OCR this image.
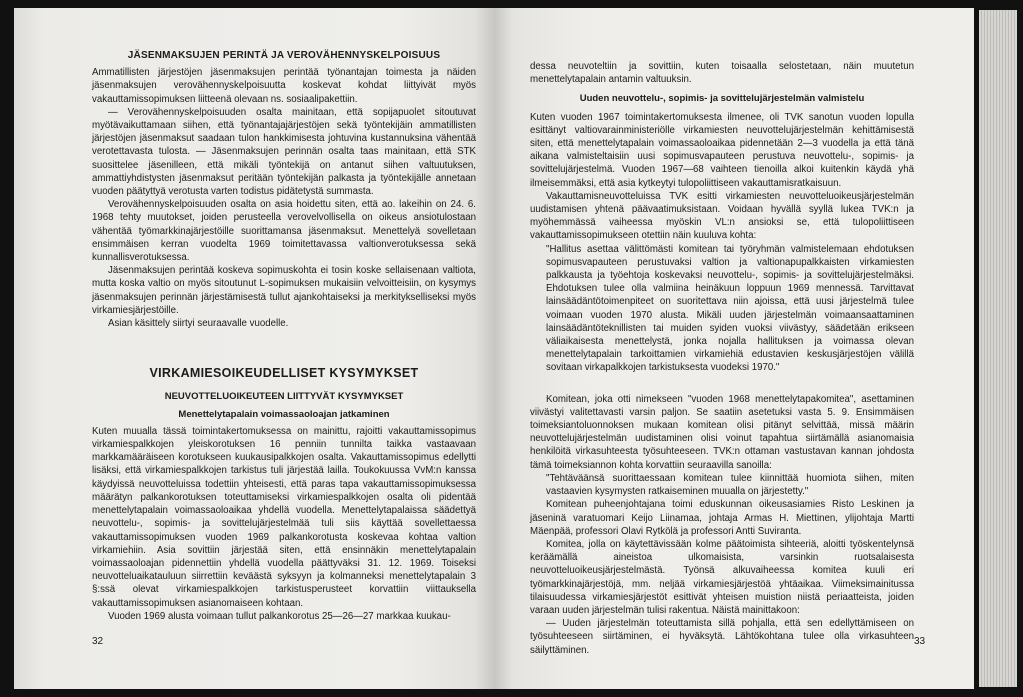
JÄSENMAKSUJEN PERINTÄ JA VEROVÄHENNYSKELPOISUUS

Ammatillisten järjestöjen jäsenmaksujen perintää työnantajan toimesta ja näiden jäsenmaksujen verovähennyskelpoisuutta koskevat kohdat liittyivät myös vakauttamissopimuksen liitteenä olevaan ns. sosiaalipakettiin.

— Verovähennyskelpoisuuden osalta mainitaan, että sopijapuolet sitoutuvat myötävaikuttamaan siihen, että työnantajajärjestöjen sekä työntekijäin ammatillisten järjestöjen jäsenmaksut saadaan tulon hankkimisesta johtuvina kustannuksina vähentää verotettavasta tulosta. — Jäsenmaksujen perinnän osalta taas mainitaan, että STK suosittelee jäsenilleen, että mikäli työntekijä on antanut siihen valtuutuksen, ammattiyhdistysten jäsenmaksut peritään työntekijän palkasta ja työntekijälle annetaan vuoden päätyttyä verotusta varten todistus pidätetystä summasta.

Verovähennyskelpoisuuden osalta on asia hoidettu siten, että ao. lakeihin on 24. 6. 1968 tehty muutokset, joiden perusteella verovelvollisella on oikeus ansiotulostaan vähentää työmarkkinajärjestöille suorittamansa jäsenmaksut. Menettelyä sovelletaan ensimmäisen kerran vuodelta 1969 toimitettavassa valtionverotuksessa sekä kunnallisverotuksessa.

Jäsenmaksujen perintää koskeva sopimuskohta ei tosin koske sellaisenaan valtiota, mutta koska valtio on myös sitoutunut L-sopimuksen mukaisiin velvoitteisiin, on kysymys jäsenmaksujen perinnän järjestämisestä tullut ajankohtaiseksi ja merkitykselliseksi myös virkamiesjärjestöille.

Asian käsittely siirtyi seuraavalle vuodelle.

VIRKAMIESOIKEUDELLISET KYSYMYKSET
NEUVOTTELUOIKEUTEEN LIITTYVÄT KYSYMYKSET
Menettelytapalain voimassaoloajan jatkaminen

Kuten muualla tässä toimintakertomuksessa on mainittu, rajoitti vakauttamissopimus virkamiespalkkojen yleiskorotuksen 16 penniin tunnilta taikka vastaavaan markkamääräiseen korotukseen kuukausipalkkojen osalta. Vakauttamissopimus edellytti lisäksi, että virkamiespalkkojen tarkistus tuli järjestää lailla. Toukokuussa VvM:n kanssa käydyissä neuvotteluissa todettiin yhteisesti, että paras tapa vakauttamissopimuksessa määrätyn palkankorotuksen toteuttamiseksi virkamiespalkkojen osalta oli pidentää menettelytapalain voimassaoloaikaa yhdellä vuodella. Menettelytapalaissa säädettyä neuvottelu-, sopimis- ja sovittelujärjestelmää tuli siis käyttää sovellettaessa vakauttamissopimuksen vuoden 1969 palkankorotusta koskevaa kohtaa valtion virkamiehiin. Asia sovittiin järjestää siten, että ensinnäkin menettelytapalain voimassaoloajan pidennettiin yhdellä vuodella päättyväksi 31. 12. 1969. Toiseksi neuvotteluaikatauluun siirrettiin keväästä syksyyn ja kolmanneksi menettelytapalain 3 §:ssä olevat virkamiespalkkojen tarkistusperusteet korvattiin viittauksella vakauttamissopimuksen asianomaiseen kohtaan.

Vuoden 1969 alusta voimaan tullut palkankorotus 25—26—27 markkaa kuukau-

32

dessa neuvoteltiin ja sovittiin, kuten toisaalla selostetaan, näin muutetun menettelytapalain antamin valtuuksin.

Uuden neuvottelu-, sopimis- ja sovittelujärjestelmän valmistelu

Kuten vuoden 1967 toimintakertomuksesta ilmenee, oli TVK sanotun vuoden lopulla esittänyt valtiovarainministeriölle virkamiesten neuvottelujärjestelmän kehittämisestä siten, että menettelytapalain voimassaoloaikaa pidennetään 2—3 vuodella ja että tänä aikana valmisteltaisiin uusi sopimusvapauteen perustuva neuvottelu-, sopimis- ja sovittelujärjestelmä. Vuoden 1967—68 vaihteen tienoilla alkoi kuitenkin käydä yhä ilmeisemmäksi, että asia kytkeytyi tulopoliittiseen vakauttamisratkaisuun.

Vakauttamisneuvotteluissa TVK esitti virkamiesten neuvotteluoikeusjärjestelmän uudistamisen yhtenä päävaatimuksistaan. Voidaan hyvällä syyllä lukea TVK:n ja myöhemmässä vaiheessa myöskin VL:n ansioksi se, että tulopoliittiseen vakauttamissopimukseen otettiin näin kuuluva kohta:

"Hallitus asettaa välittömästi komitean tai työryhmän valmistelemaan ehdotuksen sopimusvapauteen perustuvaksi valtion ja valtionapupalkkaisten virkamiesten palkkausta ja työehtoja koskevaksi neuvottelu-, sopimis- ja sovittelujärjestelmäksi. Ehdotuksen tulee olla valmiina heinäkuun loppuun 1969 mennessä. Tarvittavat lainsäädäntötoimenpiteet on suoritettava niin ajoissa, että uusi järjestelmä tulee voimaan vuoden 1970 alusta. Mikäli uuden järjestelmän voimaansaattaminen lainsäädäntöteknillisten tai muiden syiden vuoksi viivästyy, säädetään erikseen väliaikaisesta menettelystä, jonka nojalla hallituksen ja voimassa olevan menettelytapalain tarkoittamien virkamiehiä edustavien keskusjärjestöjen välillä sovitaan virkapalkkojen tarkistuksesta vuodeksi 1970."

Komitean, joka otti nimekseen "vuoden 1968 menettelytapakomitea", asettaminen viivästyi valitettavasti varsin paljon. Se saatiin asetetuksi vasta 5. 9. Ensimmäisen toimeksiantoluonnoksen mukaan komitean olisi pitänyt selvittää, missä määrin neuvottelujärjestelmän uudistaminen olisi voinut tapahtua siirtämällä asianomaisia henkilöitä virkasuhteesta työsuhteeseen. TVK:n ottaman vastustavan kannan johdosta tämä toimeksiannon kohta korvattiin seuraavilla sanoilla:

"Tehtäväänsä suorittaessaan komitean tulee kiinnittää huomiota siihen, miten vastaavien kysymysten ratkaiseminen muualla on järjestetty."

Komitean puheenjohtajana toimi eduskunnan oikeusasiamies Risto Leskinen ja jäseninä varatuomari Keijo Liinamaa, johtaja Armas H. Miettinen, ylijohtaja Martti Mäenpää, professori Olavi Rytkölä ja professori Antti Suviranta.

Komitea, jolla on käytettävissään kolme päätoimista sihteeriä, aloitti työskentelynsä keräämällä aineistoa ulkomaisista, varsinkin ruotsalaisesta neuvotteluoikeusjärjestelmästä. Työnsä alkuvaiheessa komitea kuuli eri työmarkkinajärjestöjä, mm. neljää virkamiesjärjestöä yhtäaikaa. Viimeksimainitussa tilaisuudessa virkamiesjärjestöt esittivät yhteisen muistion niistä periaatteista, joiden varaan uuden järjestelmän tulisi rakentua. Näistä mainittakoon:

— Uuden järjestelmän toteuttamista sillä pohjalla, että sen edellyttämiseen on työsuhteeseen siirtäminen, ei hyväksytä. Lähtökohtana tulee olla virkasuhteen säilyttäminen.

33
